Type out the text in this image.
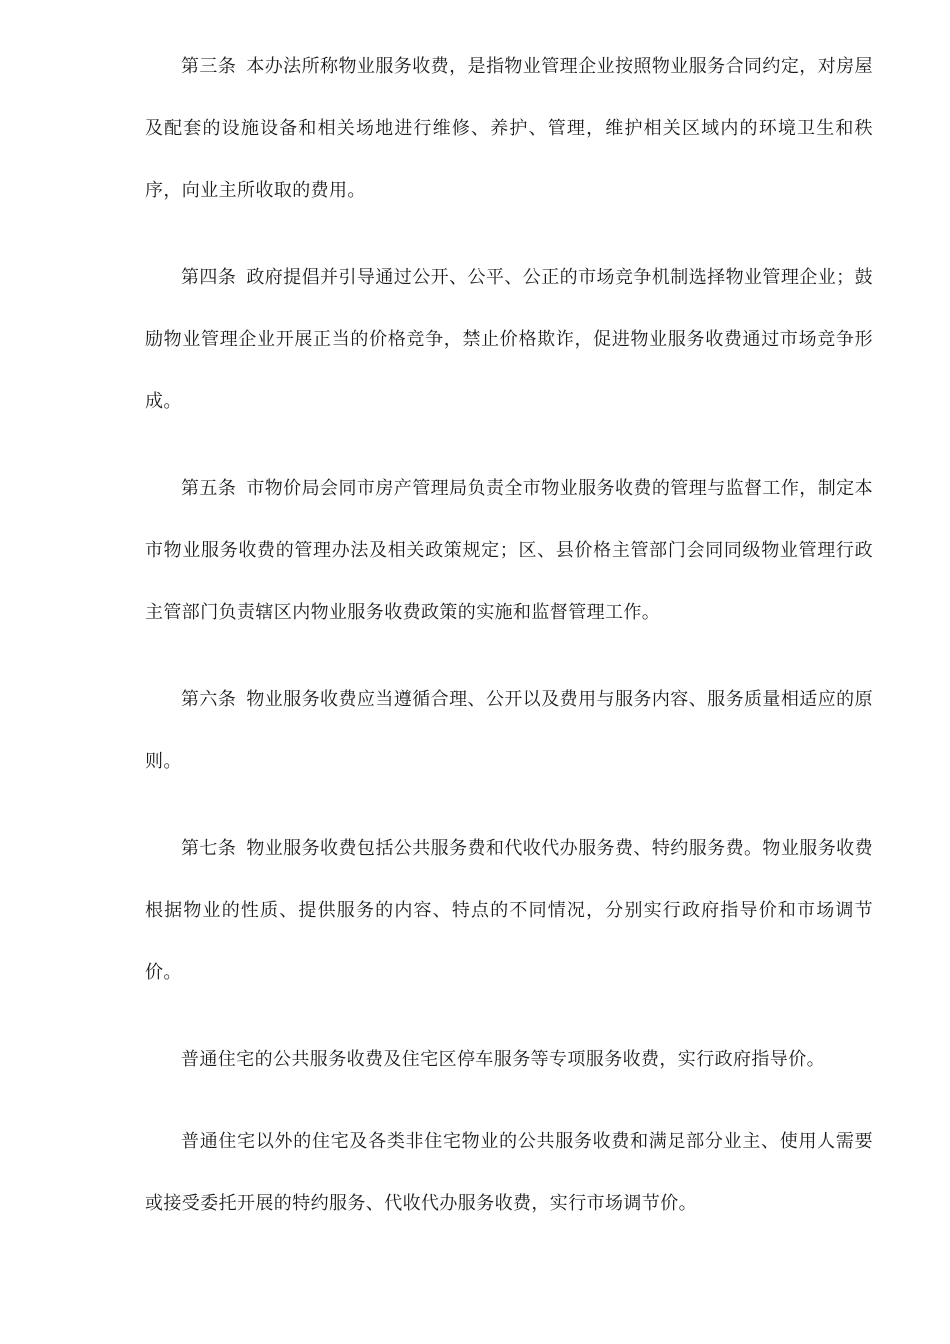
第三条 本办法所称物业服务收费，是指物业管理企业按照物业服务合同约定，对房屋及配套的设施设备和相关场地进行维修、养护、管理，维护相关区域内的环境卫生和秩序，向业主所收取的费用。

第四条 政府提倡并引导通过公开、公平、公正的市场竞争机制选择物业管理企业；鼓励物业管理企业开展正当的价格竞争，禁止价格欺诈，促进物业服务收费通过市场竞争形成。

第五条 市物价局会同市房产管理局负责全市物业服务收费的管理与监督工作，制定本市物业服务收费的管理办法及相关政策规定；区、县价格主管部门会同同级物业管理行政主管部门负责辖区内物业服务收费政策的实施和监督管理工作。

第六条 物业服务收费应当遵循合理、公开以及费用与服务内容、服务质量相适应的原则。

第七条 物业服务收费包括公共服务费和代收代办服务费、特约服务费。物业服务收费根据物业的性质、提供服务的内容、特点的不同情况，分别实行政府指导价和市场调节价。

普通住宅的公共服务收费及住宅区停车服务等专项服务收费，实行政府指导价。

普通住宅以外的住宅及各类非住宅物业的公共服务收费和满足部分业主、使用人需要或接受委托开展的特约服务、代收代办服务收费，实行市场调节价。
